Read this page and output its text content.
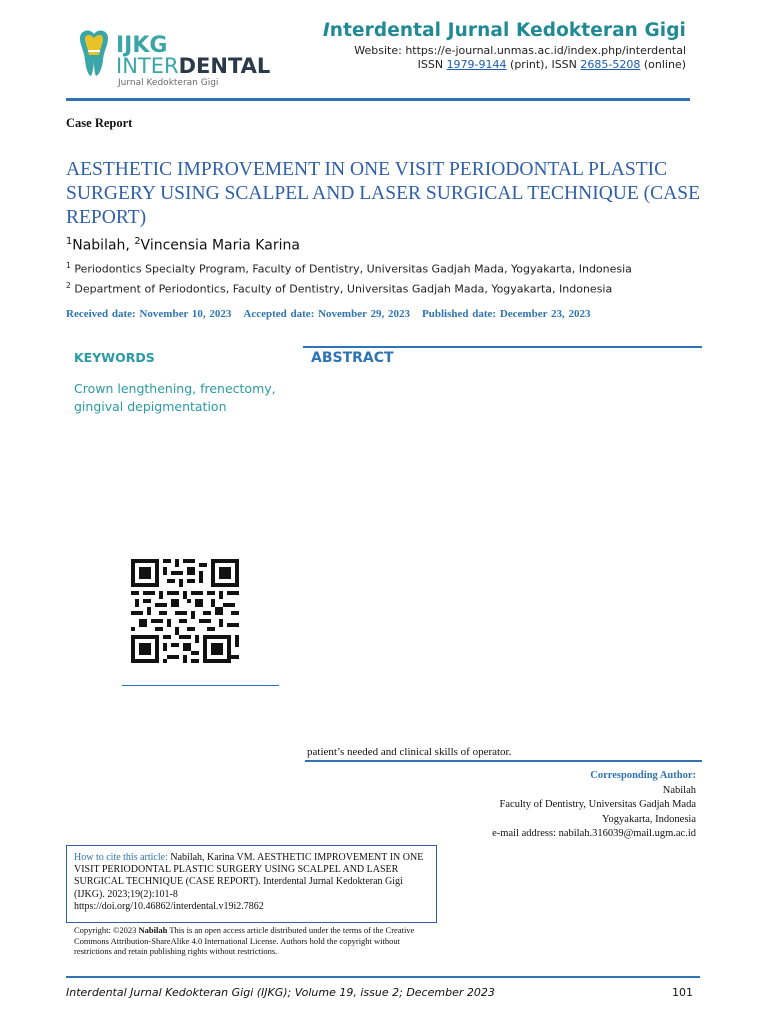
IJKG
INTERDENTAL
Jurnal Kedokteran Gigi
Interdental Jurnal Kedokteran Gigi
Website: https://e-journal.unmas.ac.id/index.php/interdental
ISSN 1979-9144 (print), ISSN 2685-5208 (online)
Case Report
AESTHETIC IMPROVEMENT IN ONE VISIT PERIODONTAL PLASTIC SURGERY USING SCALPEL AND LASER SURGICAL TECHNIQUE (CASE REPORT)
$^1$Nabilah, $^2$Vincensia Maria Karina
$^1$ Periodontics Specialty Program, Faculty of Dentistry, Universitas Gadjah Mada, Yogyakarta, Indonesia
$^2$ Department of Periodontics, Faculty of Dentistry, Universitas Gadjah Mada, Yogyakarta, Indonesia
Received date: November 10, 2023 Accepted date: November 29, 2023 Published date: December 23, 2023
KEYWORDS
Crown lengthening, frenectomy, gingival depigmentation
ABSTRACT
patient’s needed and clinical skills of operator.
Corresponding Author:
Nabilah
Faculty of Dentistry, Universitas Gadjah Mada
Yogyakarta, Indonesia
e-mail address: nabilah.316039@mail.ugm.ac.id
How to cite this article: Nabilah, Karina VM. AESTHETIC IMPROVEMENT IN ONE VISIT PERIODONTAL PLASTIC SURGERY USING SCALPEL AND LASER SURGICAL TECHNIQUE (CASE REPORT). Interdental Jurnal Kedokteran Gigi (IJKG). 2023;19(2):101-8
https://doi.org/10.46862/interdental.v19i2.7862
Copyright: ©2023 Nabilah This is an open access article distributed under the terms of the Creative Commons Attribution-ShareAlike 4.0 International License. Authors hold the copyright without restrictions and retain publishing rights without restrictions.
Interdental Jurnal Kedokteran Gigi (IJKG); Volume 19, issue 2; December 2023	101
